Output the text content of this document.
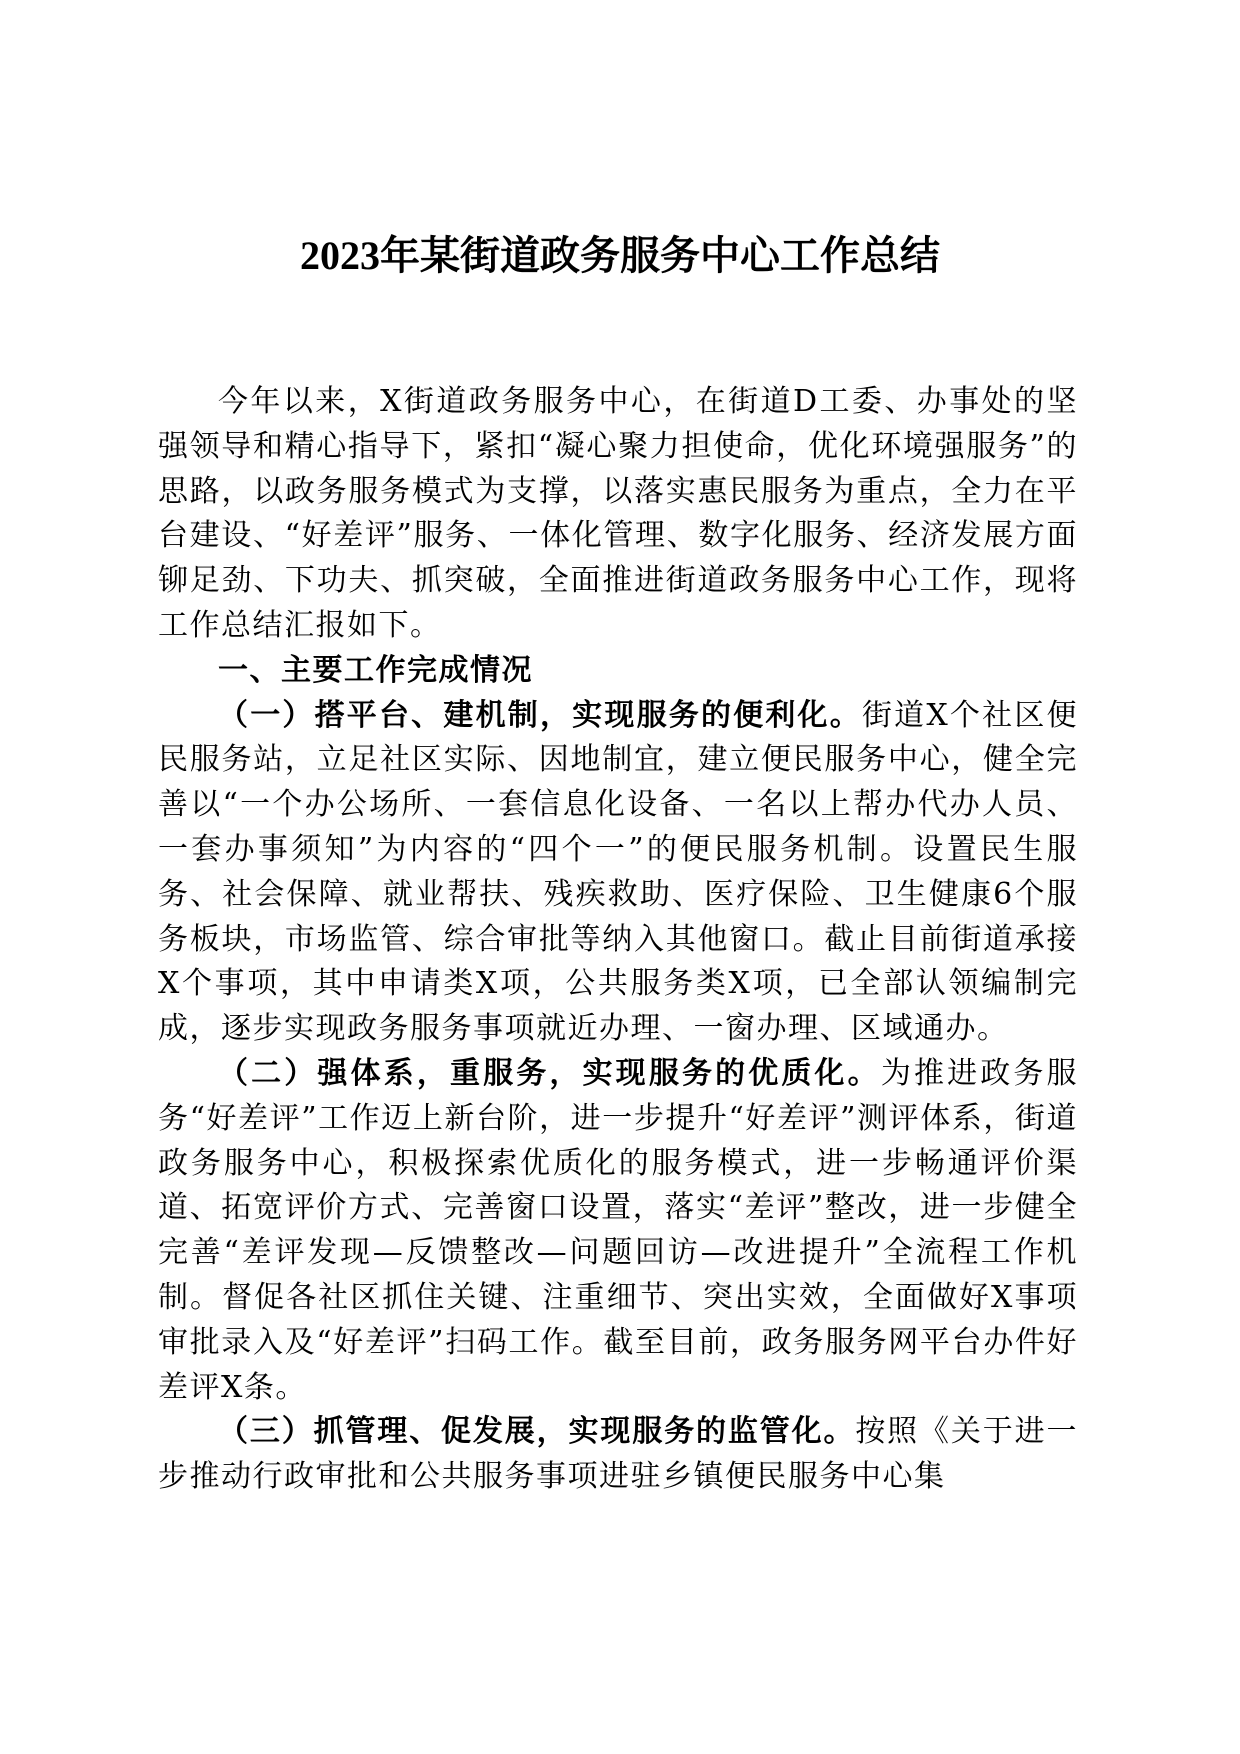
2023年某街道政务服务中心工作总结

今年以来，X街道政务服务中心，在街道D工委、办事处的坚强领导和精心指导下，紧扣“凝心聚力担使命，优化环境强服务”的思路，以政务服务模式为支撑，以落实惠民服务为重点，全力在平台建设、“好差评”服务、一体化管理、数字化服务、经济发展方面铆足劲、下功夫、抓突破，全面推进街道政务服务中心工作，现将工作总结汇报如下。

一、主要工作完成情况

（一）搭平台、建机制，实现服务的便利化。街道X个社区便民服务站，立足社区实际、因地制宜，建立便民服务中心，健全完善以“一个办公场所、一套信息化设备、一名以上帮办代办人员、一套办事须知”为内容的“四个一”的便民服务机制。设置民生服务、社会保障、就业帮扶、残疾救助、医疗保险、卫生健康6个服务板块，市场监管、综合审批等纳入其他窗口。截止目前街道承接X个事项，其中申请类X项，公共服务类X项，已全部认领编制完成，逐步实现政务服务事项就近办理、一窗办理、区域通办。

（二）强体系，重服务，实现服务的优质化。为推进政务服务“好差评”工作迈上新台阶，进一步提升“好差评”测评体系，街道政务服务中心，积极探索优质化的服务模式，进一步畅通评价渠道、拓宽评价方式、完善窗口设置，落实“差评”整改，进一步健全完善“差评发现—反馈整改—问题回访—改进提升”全流程工作机制。督促各社区抓住关键、注重细节、突出实效，全面做好X事项审批录入及“好差评”扫码工作。截至目前，政务服务网平台办件好差评X条。

（三）抓管理、促发展，实现服务的监管化。按照《关于进一步推动行政审批和公共服务事项进驻乡镇便民服务中心集
